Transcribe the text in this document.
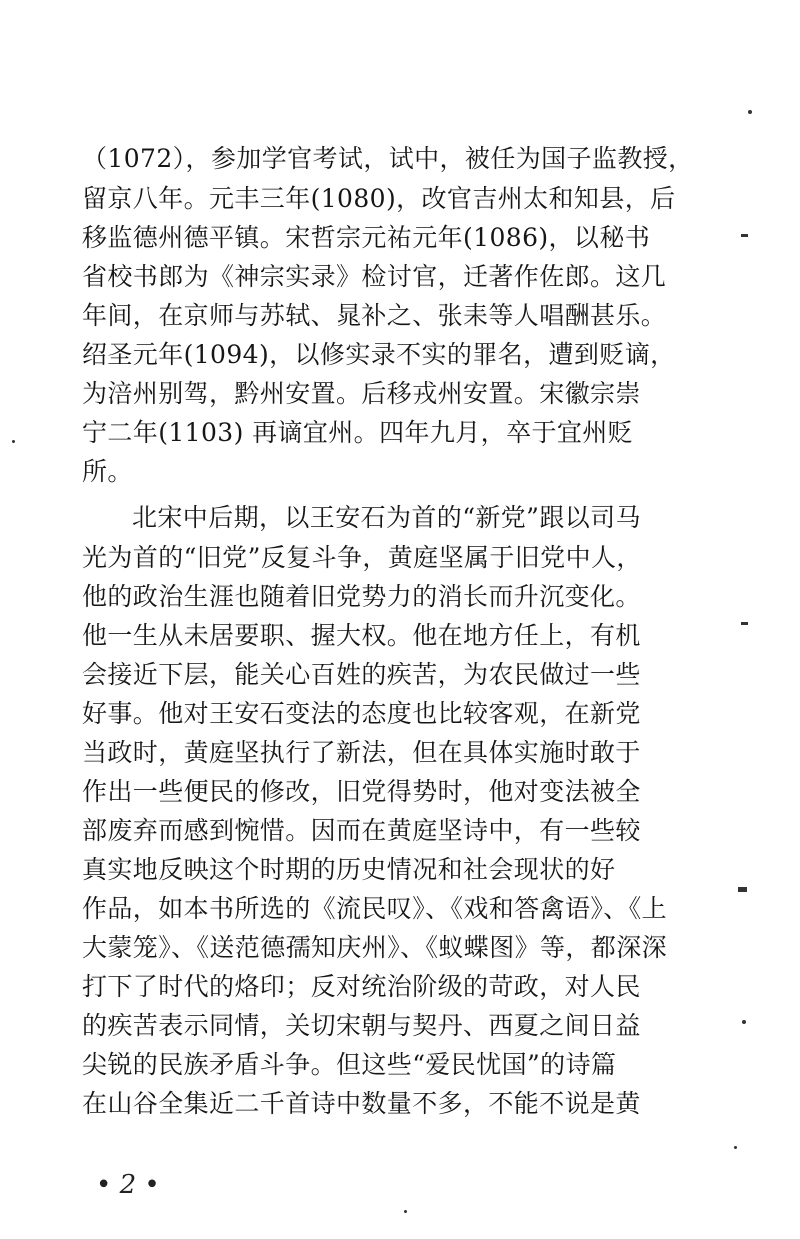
（1072），参加学官考试，试中，被任为国子监教授，
留京八年。元丰三年(1080)，改官吉州太和知县，后
移监德州德平镇。宋哲宗元祐元年(1086)，以秘书
省校书郎为《神宗实录》检讨官，迁著作佐郎。这几
年间，在京师与苏轼、晁补之、张耒等人唱酬甚乐。
绍圣元年(1094)，以修实录不实的罪名，遭到贬谪，
为涪州别驾，黔州安置。后移戎州安置。宋徽宗崇
宁二年(1103) 再谪宜州。四年九月，卒于宜州贬
所。
北宋中后期，以王安石为首的“新党”跟以司马
光为首的“旧党”反复斗争，黄庭坚属于旧党中人，
他的政治生涯也随着旧党势力的消长而升沉变化。
他一生从未居要职、握大权。他在地方任上，有机
会接近下层，能关心百姓的疾苦，为农民做过一些
好事。他对王安石变法的态度也比较客观，在新党
当政时，黄庭坚执行了新法，但在具体实施时敢于
作出一些便民的修改，旧党得势时，他对变法被全
部废弃而感到惋惜。因而在黄庭坚诗中，有一些较
真实地反映这个时期的历史情况和社会现状的好
作品，如本书所选的《流民叹》、《戏和答禽语》、《上
大蒙笼》、《送范德孺知庆州》、《蚁蝶图》等，都深深
打下了时代的烙印；反对统治阶级的苛政，对人民
的疾苦表示同情，关切宋朝与契丹、西夏之间日益
尖锐的民族矛盾斗争。但这些“爱民忧国”的诗篇
在山谷全集近二千首诗中数量不多，不能不说是黄
• 2 •
